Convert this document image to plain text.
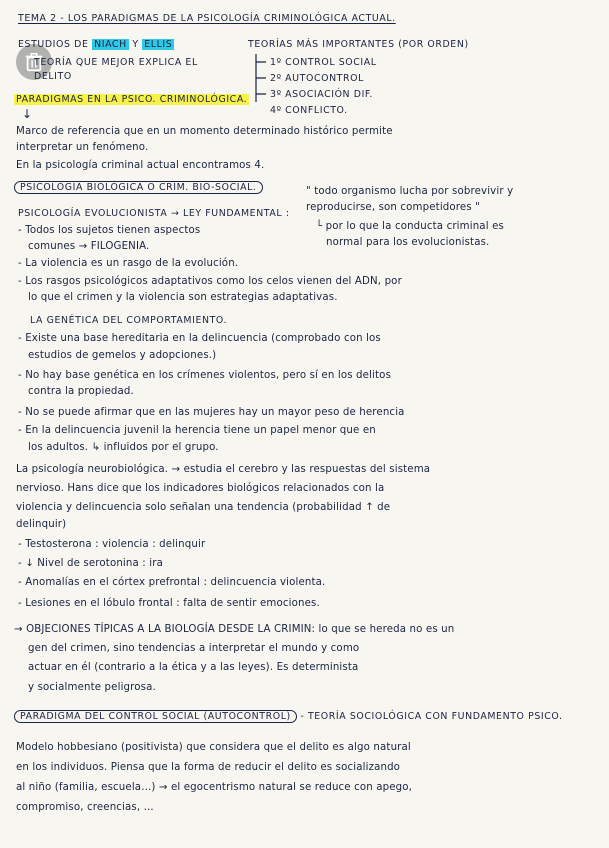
TEMA 2 - LOS PARADIGMAS DE LA PSICOLOGÍA CRIMINOLÓGICA ACTUAL.
ESTUDIOS DE NIACH Y ELLIS
TEORÍA QUE MEJOR EXPLICA EL
DELITO
TEORÍAS MÁS IMPORTANTES (POR ORDEN)
1º CONTROL SOCIAL
2º AUTOCONTROL
3º ASOCIACIÓN DIF.
4º CONFLICTO.
PARADIGMAS EN LA PSICO. CRIMINOLÓGICA.
↓
Marco de referencia que en un momento determinado histórico permite
interpretar un fenómeno.
En la psicología criminal actual encontramos 4.
PSICOLOGÍA BIOLÓGICA O CRIM. BIO-SOCIAL.	" todo organismo lucha por sobrevivir y
reproducirse, son competidores "
PSICOLOGÍA EVOLUCIONISTA → LEY FUNDAMENTAL :
└ por lo que la conducta criminal es
normal para los evolucionistas.
- Todos los sujetos tienen aspectos
comunes → FILOGENIA.
- La violencia es un rasgo de la evolución.
- Los rasgos psicológicos adaptativos como los celos vienen del ADN, por
lo que el crimen y la violencia son estrategias adaptativas.
LA GENÉTICA DEL COMPORTAMIENTO.
- Existe una base hereditaria en la delincuencia (comprobado con los
estudios de gemelos y adopciones.)
- No hay base genética en los crímenes violentos, pero sí en los delitos
contra la propiedad.
- No se puede afirmar que en las mujeres hay un mayor peso de herencia
- En la delincuencia juvenil la herencia tiene un papel menor que en
los adultos. ↳ influidos por el grupo.
La psicología neurobiológica. → estudia el cerebro y las respuestas del sistema
nervioso. Hans dice que los indicadores biológicos relacionados con la
violencia y delincuencia solo señalan una tendencia (probabilidad ↑ de
delinquir)
- Testosterona : violencia : delinquir
- ↓ Nivel de serotonina : ira
- Anomalías en el córtex prefrontal : delincuencia violenta.
- Lesiones en el lóbulo frontal : falta de sentir emociones.
→ OBJECIONES TÍPICAS A LA BIOLOGÍA DESDE LA CRIMIN: lo que se hereda no es un
gen del crimen, sino tendencias a interpretar el mundo y como
actuar en él (contrario a la ética y a las leyes). Es determinista
y socialmente peligrosa.
PARADIGMA DEL CONTROL SOCIAL (AUTOCONTROL) - TEORÍA SOCIOLÓGICA CON FUNDAMENTO PSICO.
Modelo hobbesiano (positivista) que considera que el delito es algo natural
en los individuos. Piensa que la forma de reducir el delito es socializando
al niño (familia, escuela...) → el egocentrismo natural se reduce con apego,
compromiso, creencias, ...
